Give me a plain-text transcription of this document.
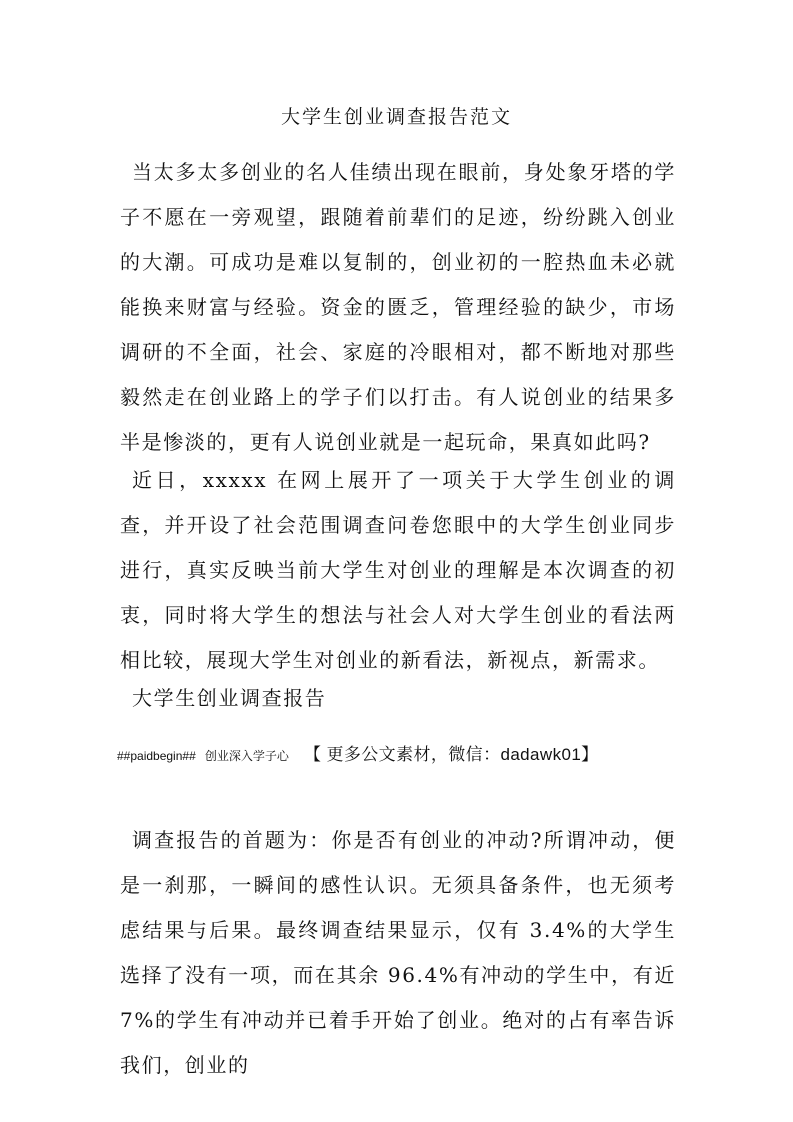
大学生创业调查报告范文

当太多太多创业的名人佳绩出现在眼前，身处象牙塔的学子不愿在一旁观望，跟随着前辈们的足迹，纷纷跳入创业的大潮。可成功是难以复制的，创业初的一腔热血未必就能换来财富与经验。资金的匮乏，管理经验的缺少，市场调研的不全面，社会、家庭的冷眼相对，都不断地对那些毅然走在创业路上的学子们以打击。有人说创业的结果多半是惨淡的，更有人说创业就是一起玩命，果真如此吗?

近日，xxxxx 在网上展开了一项关于大学生创业的调查，并开设了社会范围调查问卷您眼中的大学生创业同步进行，真实反映当前大学生对创业的理解是本次调查的初衷，同时将大学生的想法与社会人对大学生创业的看法两相比较，展现大学生对创业的新看法，新视点，新需求。

大学生创业调查报告

##paidbegin## 创业深入学子心 【 更多公文素材，微信：dadawk01】

调查报告的首题为：你是否有创业的冲动?所谓冲动，便是一刹那，一瞬间的感性认识。无须具备条件，也无须考虑结果与后果。最终调查结果显示，仅有 3.4%的大学生选择了没有一项，而在其余 96.4%有冲动的学生中，有近 7%的学生有冲动并已着手开始了创业。绝对的占有率告诉我们，创业的
